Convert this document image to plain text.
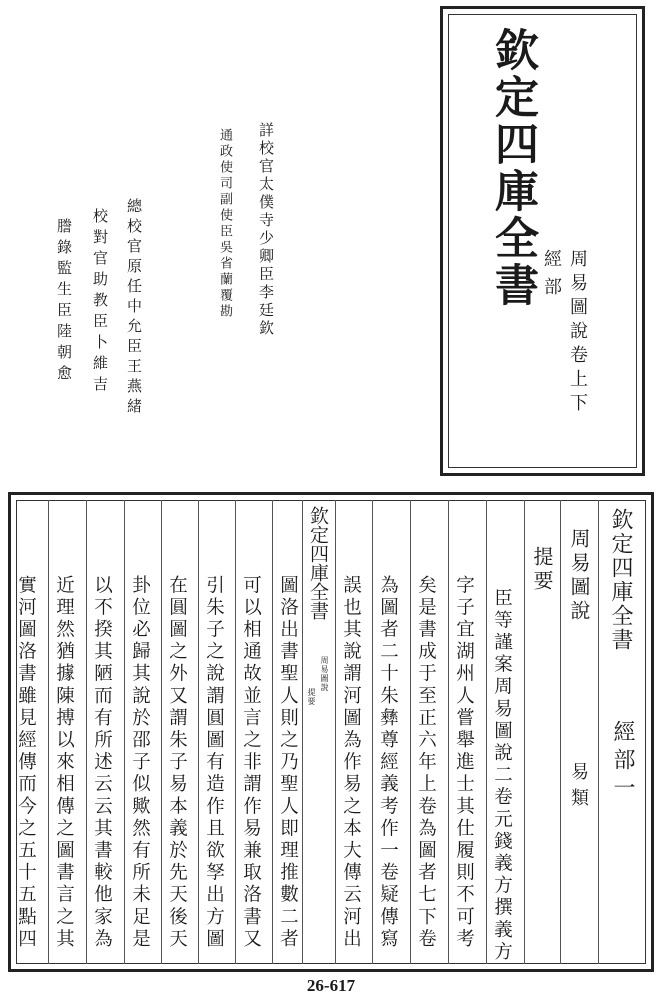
欽定四庫全書 經部 周易圖說卷上下
詳校官太僕寺少卿臣李廷欽
通政使司副使臣吳省蘭覆勘
總校官原任中允臣王燕緒
校對官助教臣卜維吉
謄錄監生臣陸朝愈
欽定四庫全書
經部一
周易圖說
易類
提要
欽定四庫全書
周易圖說
提要	臣等謹案周易圖說二卷元錢義方撰義方
字子宜湖州人嘗舉進士其仕履則不可考
矣是書成于至正六年上卷為圖者七下卷
為圖者二十朱彝尊經義考作一卷疑傳寫
誤也其說謂河圖為作易之本大傳云河出
圖洛出書聖人則之乃聖人即理推數二者
可以相通故並言之非謂作易兼取洛書又
引朱子之說謂圓圖有造作且欲孥出方圖
在圓圖之外又謂朱子易本義於先天後天
卦位必歸其說於邵子似歟然有所未足是
以不揆其陋而有所述云云其書較他家為
近理然猶據陳搏以來相傳之圖書言之其
實河圖洛書雖見經傳而今之五十五點四
26-617
